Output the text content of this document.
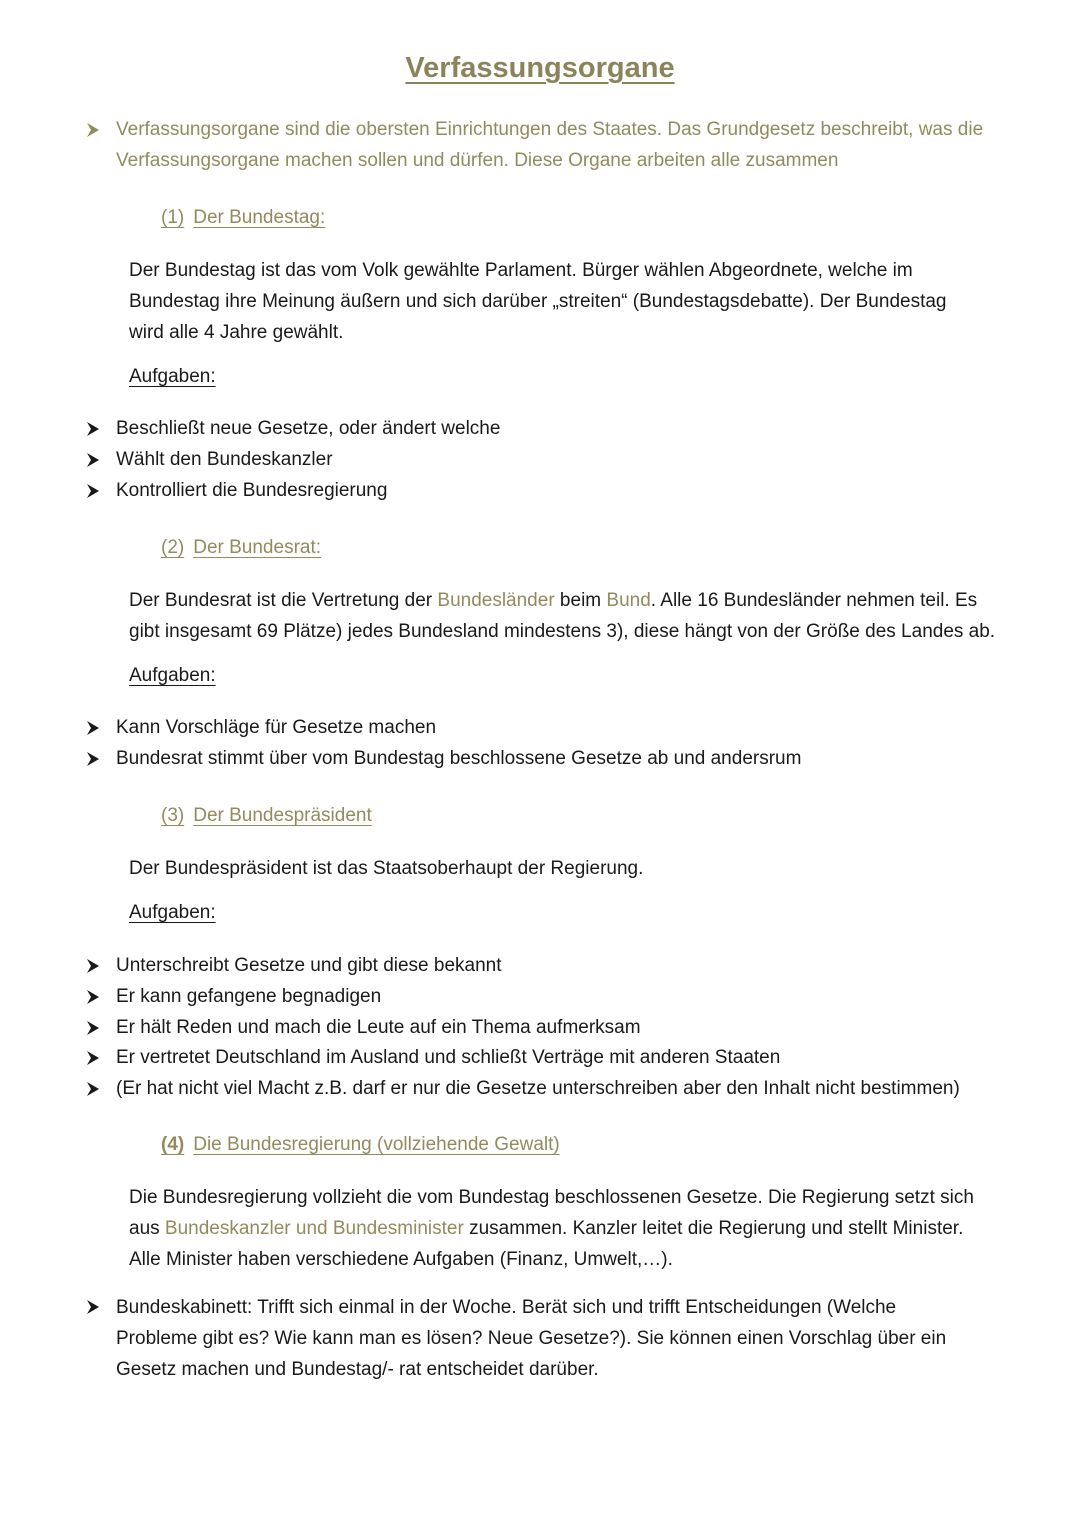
Verfassungsorgane
Verfassungsorgane sind die obersten Einrichtungen des Staates. Das Grundgesetz beschreibt, was die
Verfassungsorgane machen sollen und dürfen. Diese Organe arbeiten alle zusammen
(1) Der Bundestag:
Der Bundestag ist das vom Volk gewählte Parlament. Bürger wählen Abgeordnete, welche im
Bundestag ihre Meinung äußern und sich darüber „streiten“ (Bundestagsdebatte). Der Bundestag
wird alle 4 Jahre gewählt.
Aufgaben:
Beschließt neue Gesetze, oder ändert welche
Wählt den Bundeskanzler
Kontrolliert die Bundesregierung
(2) Der Bundesrat:
Der Bundesrat ist die Vertretung der Bundesländer beim Bund. Alle 16 Bundesländer nehmen teil. Es
gibt insgesamt 69 Plätze) jedes Bundesland mindestens 3), diese hängt von der Größe des Landes ab.
Aufgaben:
Kann Vorschläge für Gesetze machen
Bundesrat stimmt über vom Bundestag beschlossene Gesetze ab und andersrum
(3) Der Bundespräsident
Der Bundespräsident ist das Staatsoberhaupt der Regierung.
Aufgaben:
Unterschreibt Gesetze und gibt diese bekannt
Er kann gefangene begnadigen
Er hält Reden und mach die Leute auf ein Thema aufmerksam
Er vertretet Deutschland im Ausland und schließt Verträge mit anderen Staaten
(Er hat nicht viel Macht z.B. darf er nur die Gesetze unterschreiben aber den Inhalt nicht bestimmen)
(4) Die Bundesregierung (vollziehende Gewalt)
Die Bundesregierung vollzieht die vom Bundestag beschlossenen Gesetze. Die Regierung setzt sich
aus Bundeskanzler und Bundesminister zusammen. Kanzler leitet die Regierung und stellt Minister.
Alle Minister haben verschiedene Aufgaben (Finanz, Umwelt,…).
Bundeskabinett: Trifft sich einmal in der Woche. Berät sich und trifft Entscheidungen (Welche
Probleme gibt es? Wie kann man es lösen? Neue Gesetze?). Sie können einen Vorschlag über ein
Gesetz machen und Bundestag/- rat entscheidet darüber.
